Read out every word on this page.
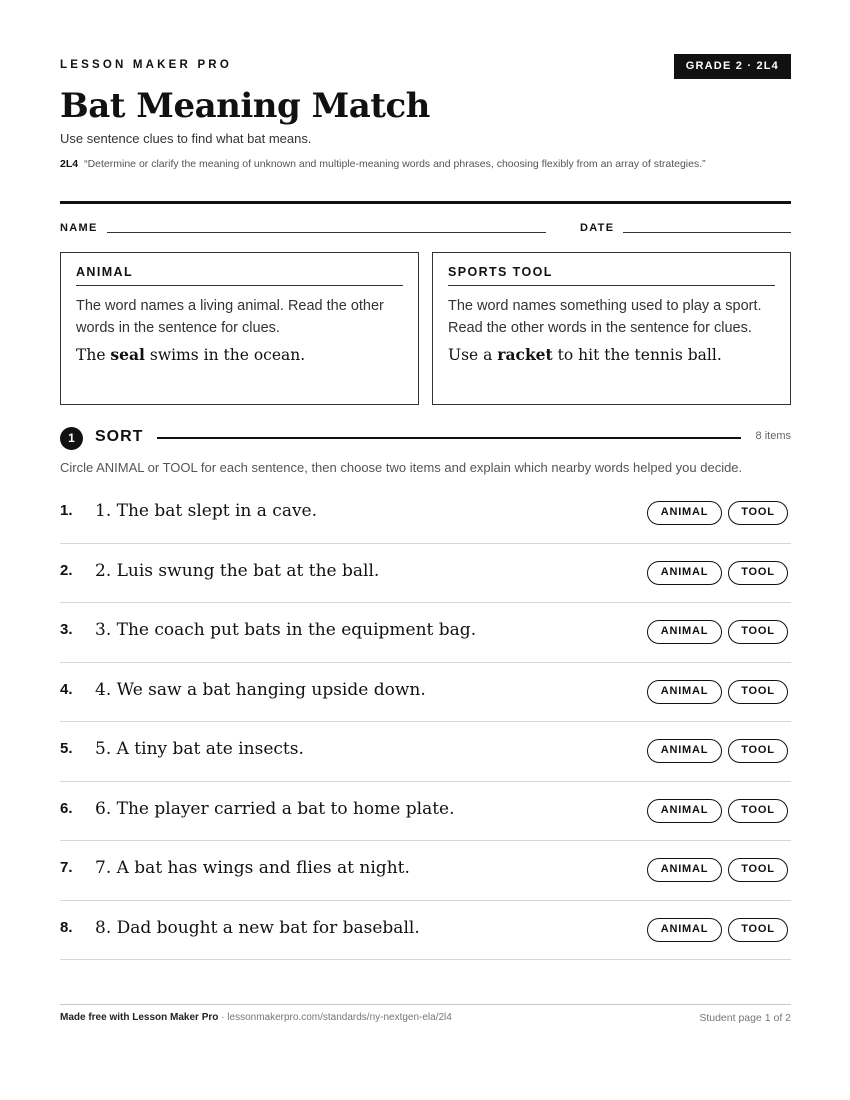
LESSON MAKER PRO	GRADE 2 · 2L4
Bat Meaning Match
Use sentence clues to find what bat means.
2L4 “Determine or clarify the meaning of unknown and multiple-meaning words and phrases, choosing flexibly from an array of strategies.”
NAME	DATE
ANIMAL
The word names a living animal. Read the other words in the sentence for clues.
The seal swims in the ocean.
SPORTS TOOL
The word names something used to play a sport. Read the other words in the sentence for clues.
Use a racket to hit the tennis ball.
1	SORT	8 items
Circle ANIMAL or TOOL for each sentence, then choose two items and explain which nearby words helped you decide.
1. 1. The bat slept in a cave.	ANIMAL	TOOL
2. 2. Luis swung the bat at the ball.	ANIMAL	TOOL
3. 3. The coach put bats in the equipment bag.	ANIMAL	TOOL
4. 4. We saw a bat hanging upside down.	ANIMAL	TOOL
5. 5. A tiny bat ate insects.	ANIMAL	TOOL
6. 6. The player carried a bat to home plate.	ANIMAL	TOOL
7. 7. A bat has wings and flies at night.	ANIMAL	TOOL
8. 8. Dad bought a new bat for baseball.	ANIMAL	TOOL
Made free with Lesson Maker Pro · lessonmakerpro.com/standards/ny-nextgen-ela/2l4	Student page 1 of 2
